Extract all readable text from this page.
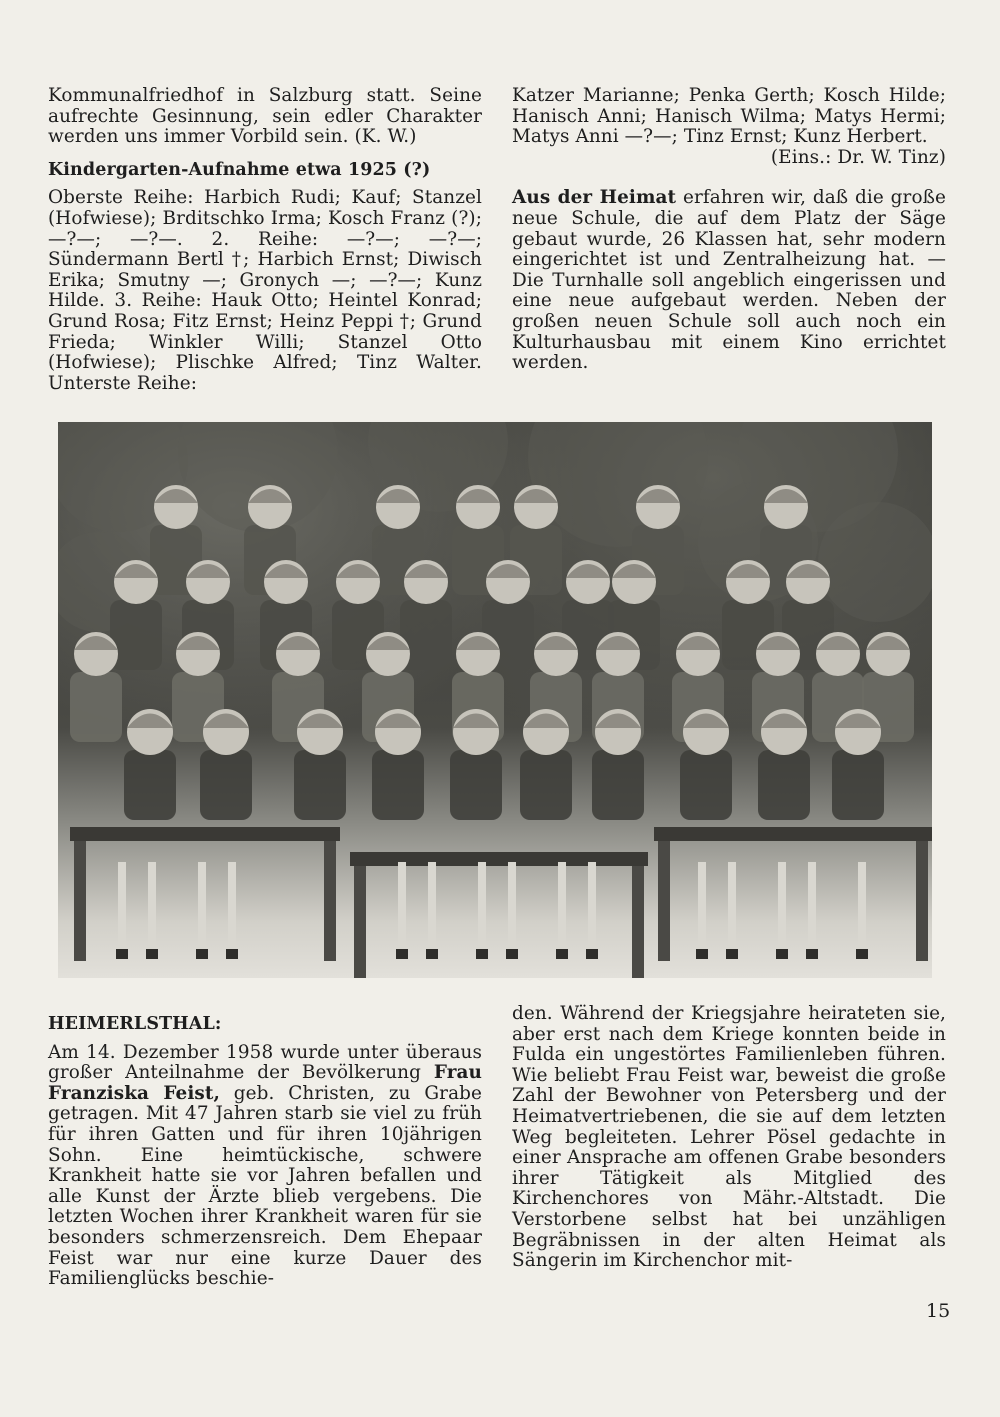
Kommunalfriedhof in Salzburg statt. Seine aufrechte Gesinnung, sein edler Charakter werden uns immer Vorbild sein. (K. W.)

Kindergarten-Aufnahme etwa 1925 (?)

Oberste Reihe: Harbich Rudi; Kauf; Stanzel (Hofwiese); Brditschko Irma; Kosch Franz (?); —?—; —?—. 2. Reihe: —?—; —?—; Sündermann Bertl †; Harbich Ernst; Diwisch Erika; Smutny —; Gronych —; —?—; Kunz Hilde. 3. Reihe: Hauk Otto; Heintel Konrad; Grund Rosa; Fitz Ernst; Heinz Peppi †; Grund Frieda; Winkler Willi; Stanzel Otto (Hofwiese); Plischke Alfred; Tinz Walter. Unterste Reihe:

Katzer Marianne; Penka Gerth; Kosch Hilde; Hanisch Anni; Hanisch Wilma; Matys Hermi; Matys Anni —?—; Tinz Ernst; Kunz Herbert.

(Eins.: Dr. W. Tinz)

Aus der Heimat erfahren wir, daß die große neue Schule, die auf dem Platz der Säge gebaut wurde, 26 Klassen hat, sehr modern eingerichtet ist und Zentralheizung hat. — Die Turnhalle soll angeblich eingerissen und eine neue aufgebaut werden. Neben der großen neuen Schule soll auch noch ein Kulturhausbau mit einem Kino errichtet werden.

HEIMERLSTHAL:

Am 14. Dezember 1958 wurde unter überaus großer Anteilnahme der Bevölkerung Frau Franziska Feist, geb. Christen, zu Grabe getragen. Mit 47 Jahren starb sie viel zu früh für ihren Gatten und für ihren 10jährigen Sohn. Eine heimtückische, schwere Krankheit hatte sie vor Jahren befallen und alle Kunst der Ärzte blieb vergebens. Die letzten Wochen ihrer Krankheit waren für sie besonders schmerzensreich. Dem Ehepaar Feist war nur eine kurze Dauer des Familienglücks beschie-

den. Während der Kriegsjahre heirateten sie, aber erst nach dem Kriege konnten beide in Fulda ein ungestörtes Familienleben führen. Wie beliebt Frau Feist war, beweist die große Zahl der Bewohner von Petersberg und der Heimatvertriebenen, die sie auf dem letzten Weg begleiteten. Lehrer Pösel gedachte in einer Ansprache am offenen Grabe besonders ihrer Tätigkeit als Mitglied des Kirchenchores von Mähr.-Altstadt. Die Verstorbene selbst hat bei unzähligen Begräbnissen in der alten Heimat als Sängerin im Kirchenchor mit-

15
